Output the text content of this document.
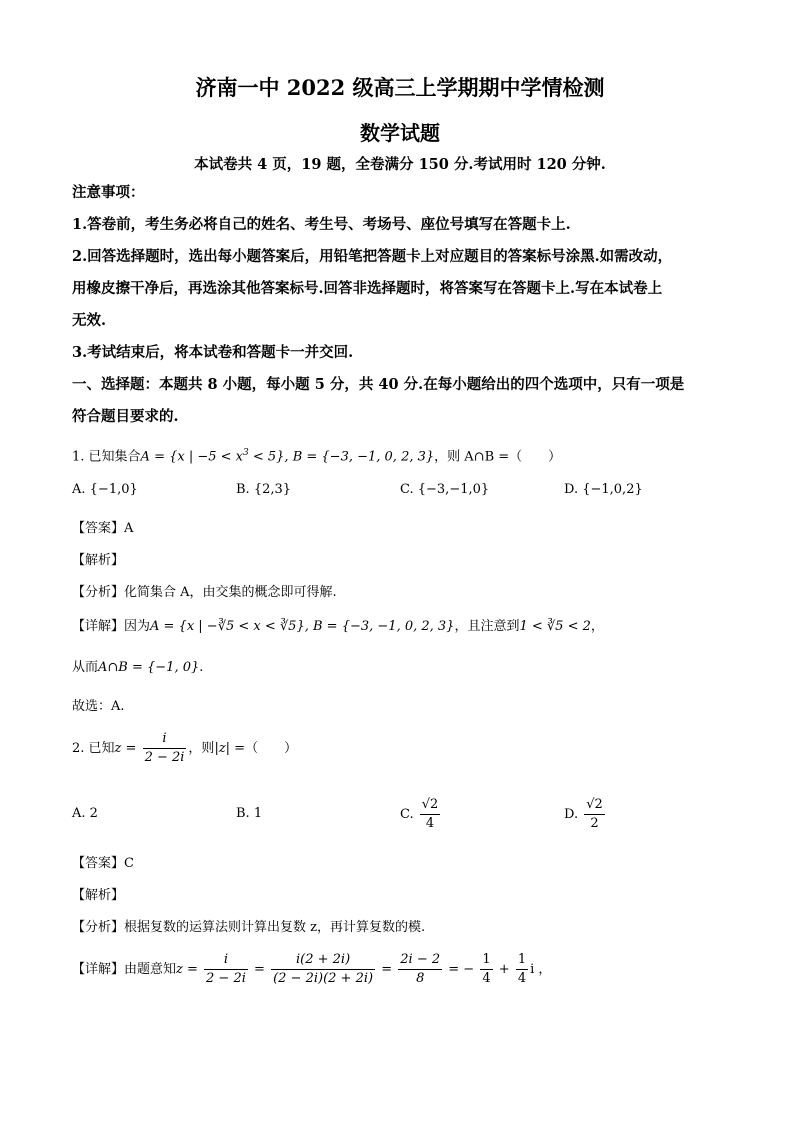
济南一中 2022 级高三上学期期中学情检测
数学试题
本试卷共 4 页，19 题，全卷满分 150 分.考试用时 120 分钟.
注意事项：
1.答卷前，考生务必将自己的姓名、考生号、考场号、座位号填写在答题卡上.
2.回答选择题时，选出每小题答案后，用铅笔把答题卡上对应题目的答案标号涂黑.如需改动，
用橡皮擦干净后，再选涂其他答案标号.回答非选择题时，将答案写在答题卡上.写在本试卷上
无效.
3.考试结束后，将本试卷和答题卡一并交回.
一、选择题：本题共 8 小题，每小题 5 分，共 40 分.在每小题给出的四个选项中，只有一项是
符合题目要求的.
1. 已知集合A = {x | $-5 < x^3 < 5$}, B = {−3, −1, 0, 2, 3}，则 A∩B =（　　）
A. {−1,0}	B. {2,3}	C. {−3,−1,0}	D. {−1,0,2}
【答案】A
【解析】
【分析】化简集合 A，由交集的概念即可得解.
【详解】因为A = {x | −∛5 < x < ∛5}, B = {−3, −1, 0, 2, 3}，且注意到1 < ∛5 < 2，
从而A∩B = {−1, 0}.
故选：A.
2. 已知$z = \frac{i}{2 - 2i}$ ，则|z| =（　　）
A. 2	B. 1	C. $\frac{√2}{4}$	D. $\frac{√2}{2}$
【答案】C
【解析】
【分析】根据复数的运算法则计算出复数 z，再计算复数的模.
【详解】由题意知$z = \frac{i}{2 - 2i} = \frac{i(2 + 2i)}{(2 - 2i)(2 + 2i)} = \frac{2i - 2}{8}$ = − $\frac{1}{4} + \frac{1}{4}$ i ，
